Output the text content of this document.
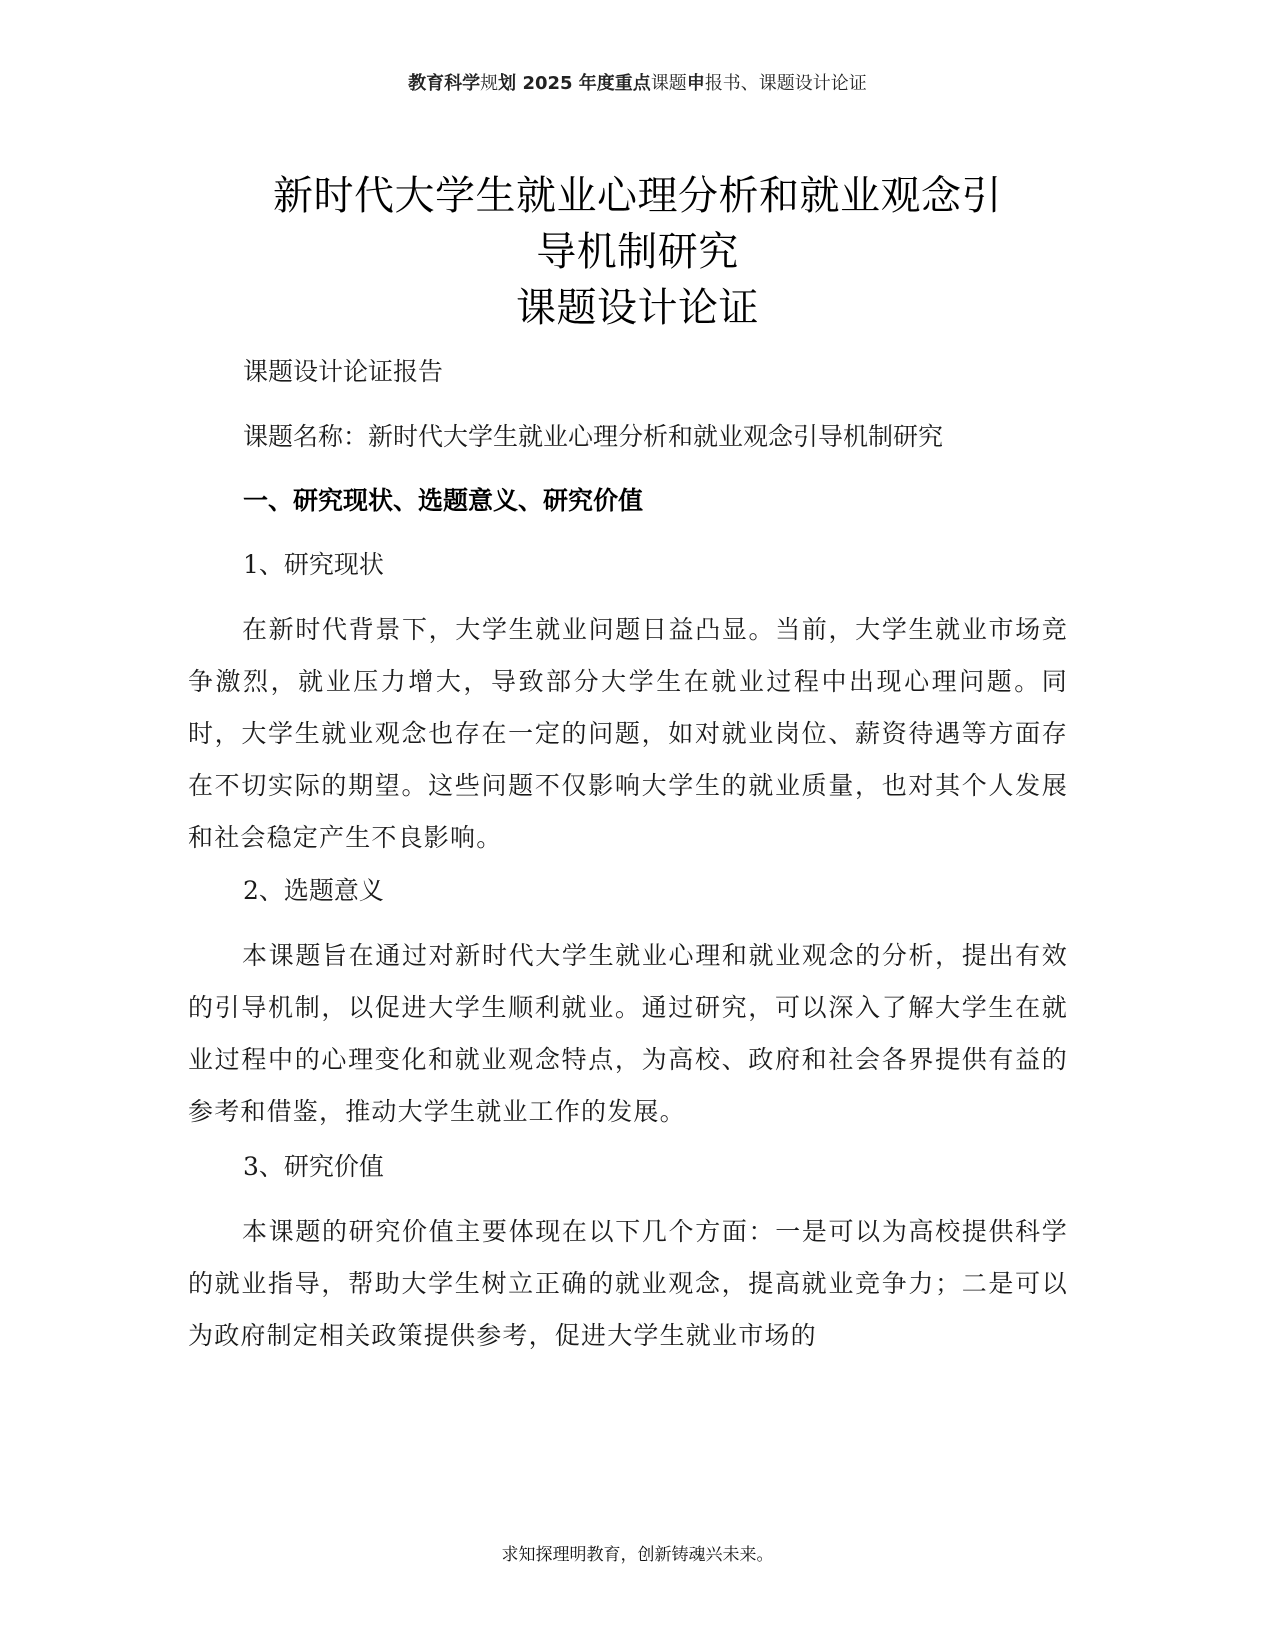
教育科学规划 2025 年度重点课题申报书、课题设计论证
新时代大学生就业心理分析和就业观念引
导机制研究
课题设计论证
课题设计论证报告
课题名称：新时代大学生就业心理分析和就业观念引导机制研究
一、研究现状、选题意义、研究价值
1、研究现状
在新时代背景下，大学生就业问题日益凸显。当前，大学生就业市场竞争激烈，就业压力增大，导致部分大学生在就业过程中出现心理问题。同时，大学生就业观念也存在一定的问题，如对就业岗位、薪资待遇等方面存在不切实际的期望。这些问题不仅影响大学生的就业质量，也对其个人发展和社会稳定产生不良影响。
2、选题意义
本课题旨在通过对新时代大学生就业心理和就业观念的分析，提出有效的引导机制，以促进大学生顺利就业。通过研究，可以深入了解大学生在就业过程中的心理变化和就业观念特点，为高校、政府和社会各界提供有益的参考和借鉴，推动大学生就业工作的发展。
3、研究价值
本课题的研究价值主要体现在以下几个方面：一是可以为高校提供科学的就业指导，帮助大学生树立正确的就业观念，提高就业竞争力；二是可以为政府制定相关政策提供参考，促进大学生就业市场的
求知探理明教育，创新铸魂兴未来。
